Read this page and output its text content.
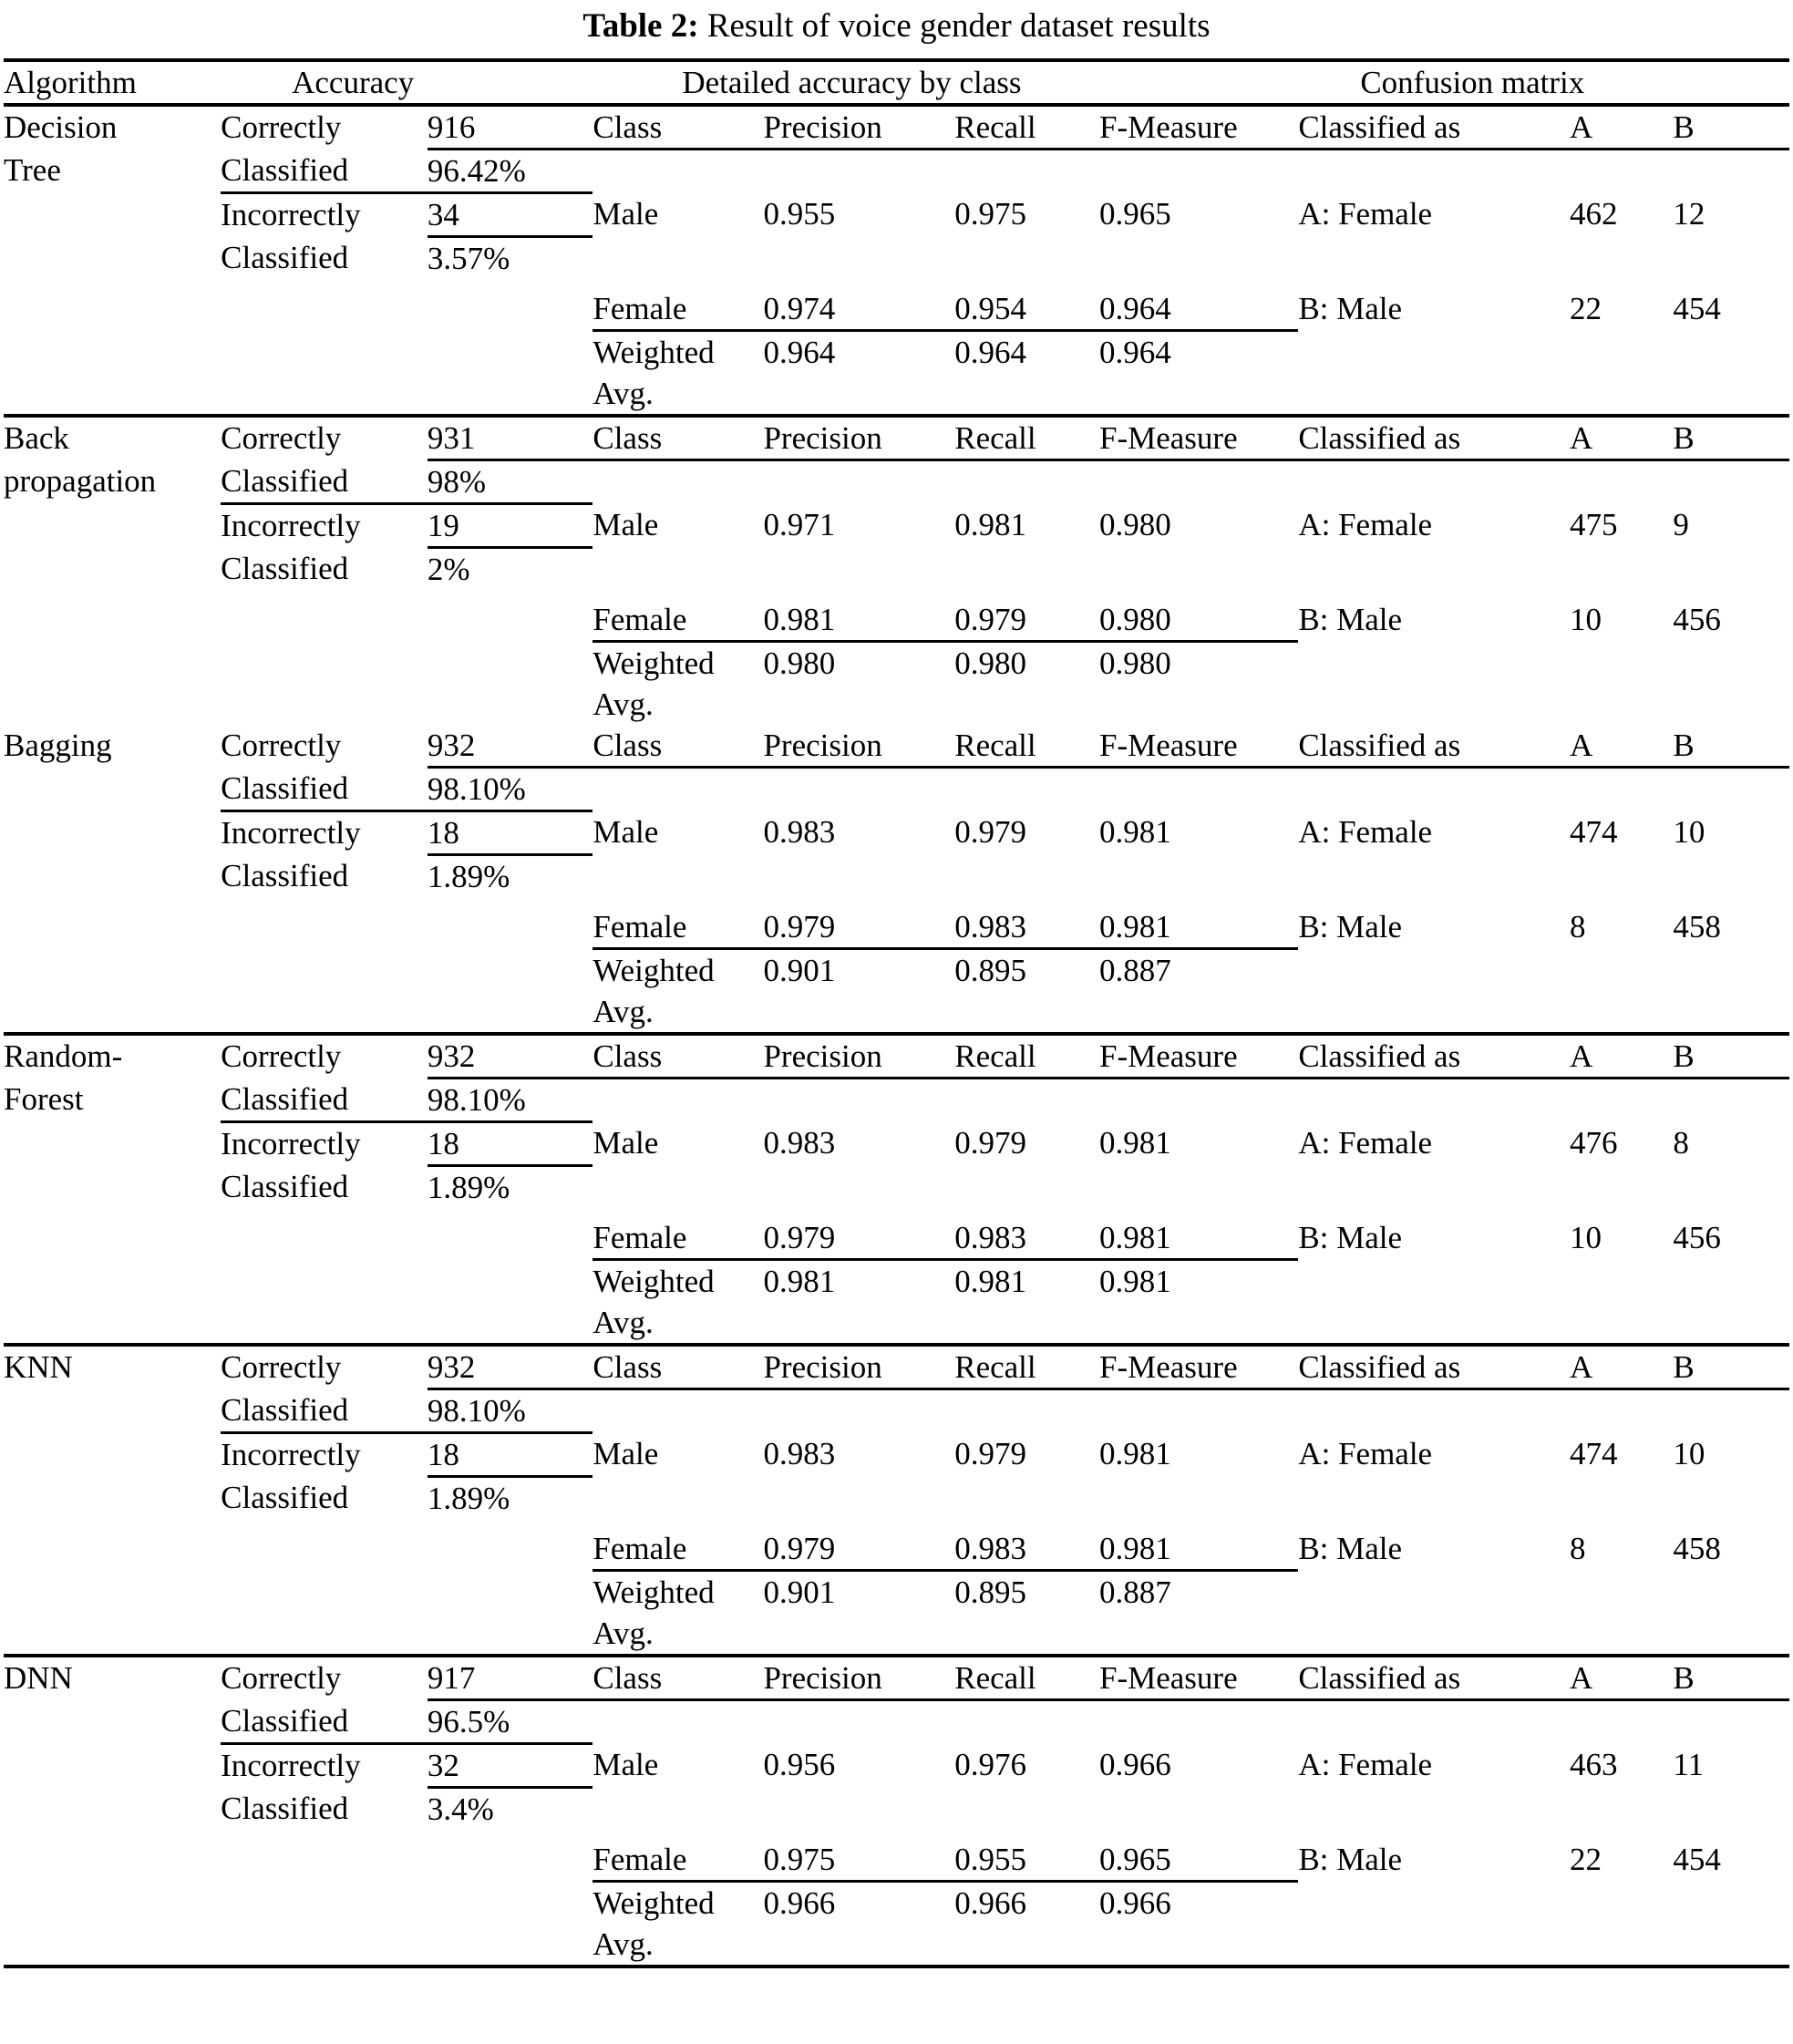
Table 2: Result of voice gender dataset results
Algorithm	Accuracy		Detailed accuracy by class				Confusion matrix		
Decision	Correctly	916	Class	Precision	Recall	F-Measure	Classified as	A	B
Tree	Classified	96.42%							
	Incorrectly	34	Male	0.955	0.975	0.965	A: Female	462	12
	Classified	3.57%							

			Female	0.974	0.954	0.964	B: Male	22	454
			Weighted	0.964	0.964	0.964			
			Avg.						
Back	Correctly	931	Class	Precision	Recall	F-Measure	Classified as	A	B
propagation	Classified	98%							
	Incorrectly	19	Male	0.971	0.981	0.980	A: Female	475	9
	Classified	2%							

			Female	0.981	0.979	0.980	B: Male	10	456
			Weighted	0.980	0.980	0.980			
			Avg.						
Bagging	Correctly	932	Class	Precision	Recall	F-Measure	Classified as	A	B
	Classified	98.10%							
	Incorrectly	18	Male	0.983	0.979	0.981	A: Female	474	10
	Classified	1.89%							

			Female	0.979	0.983	0.981	B: Male	8	458
			Weighted	0.901	0.895	0.887			
			Avg.						
Random-	Correctly	932	Class	Precision	Recall	F-Measure	Classified as	A	B
Forest	Classified	98.10%							
	Incorrectly	18	Male	0.983	0.979	0.981	A: Female	476	8
	Classified	1.89%							

			Female	0.979	0.983	0.981	B: Male	10	456
			Weighted	0.981	0.981	0.981			
			Avg.						
KNN	Correctly	932	Class	Precision	Recall	F-Measure	Classified as	A	B
	Classified	98.10%							
	Incorrectly	18	Male	0.983	0.979	0.981	A: Female	474	10
	Classified	1.89%							

			Female	0.979	0.983	0.981	B: Male	8	458
			Weighted	0.901	0.895	0.887			
			Avg.						
DNN	Correctly	917	Class	Precision	Recall	F-Measure	Classified as	A	B
	Classified	96.5%							
	Incorrectly	32	Male	0.956	0.976	0.966	A: Female	463	11
	Classified	3.4%							

			Female	0.975	0.955	0.965	B: Male	22	454
			Weighted	0.966	0.966	0.966			
			Avg.						
